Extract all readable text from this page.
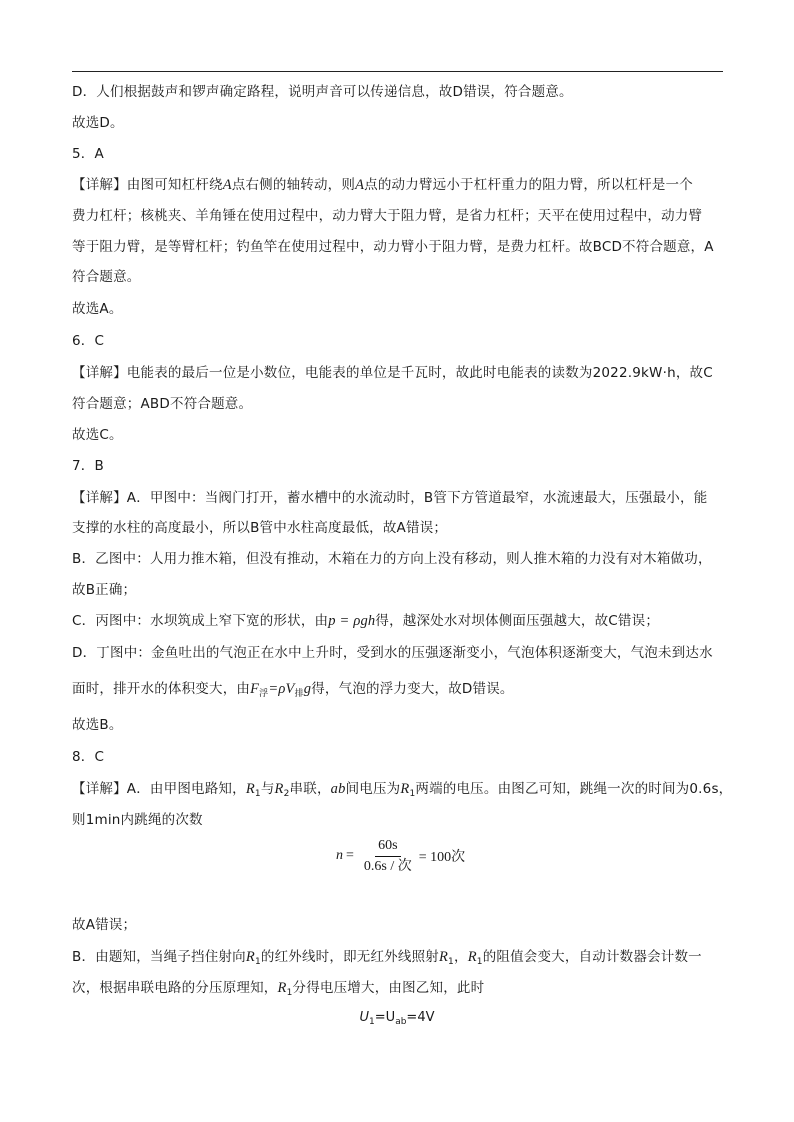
D．人们根据鼓声和锣声确定路程，说明声音可以传递信息，故D错误，符合题意。
故选D。
5．A
【详解】由图可知杠杆绕A点右侧的轴转动，则A点的动力臂远小于杠杆重力的阻力臂，所以杠杆是一个
费力杠杆；核桃夹、羊角锤在使用过程中，动力臂大于阻力臂，是省力杠杆；天平在使用过程中，动力臂
等于阻力臂，是等臂杠杆；钓鱼竿在使用过程中，动力臂小于阻力臂，是费力杠杆。故BCD不符合题意，A
符合题意。
故选A。
6．C
【详解】电能表的最后一位是小数位，电能表的单位是千瓦时，故此时电能表的读数为2022.9kW·h，故C
符合题意；ABD不符合题意。
故选C。
7．B
【详解】A．甲图中：当阀门打开，蓄水槽中的水流动时，B管下方管道最窄，水流速最大，压强最小，能
支撑的水柱的高度最小，所以B管中水柱高度最低，故A错误；
B．乙图中：人用力推木箱，但没有推动，木箱在力的方向上没有移动，则人推木箱的力没有对木箱做功，
故B正确；
C．丙图中：水坝筑成上窄下宽的形状，由p = ρgh得，越深处水对坝体侧面压强越大，故C错误；
D．丁图中：金鱼吐出的气泡正在水中上升时，受到水的压强逐渐变小，气泡体积逐渐变大，气泡未到达水
面时，排开水的体积变大，由$F_浮=\rho V_排g$得，气泡的浮力变大，故D错误。
故选B。
8．C
【详解】A．由甲图电路知，$R_1$与$R_2$串联，ab间电压为$R_1$两端的电压。由图乙可知，跳绳一次的时间为0.6s，
则1min内跳绳的次数
$n = \frac{60s}{\text{0.6s / 次}} = 100$次
故A错误；
B．由题知，当绳子挡住射向$R_1$的红外线时，即无红外线照射$R_1$，$R_1$的阻值会变大，自动计数器会计数一
次，根据串联电路的分压原理知，$R_1$分得电压增大，由图乙知，此时
$U_1=U_{ab}=4V$
